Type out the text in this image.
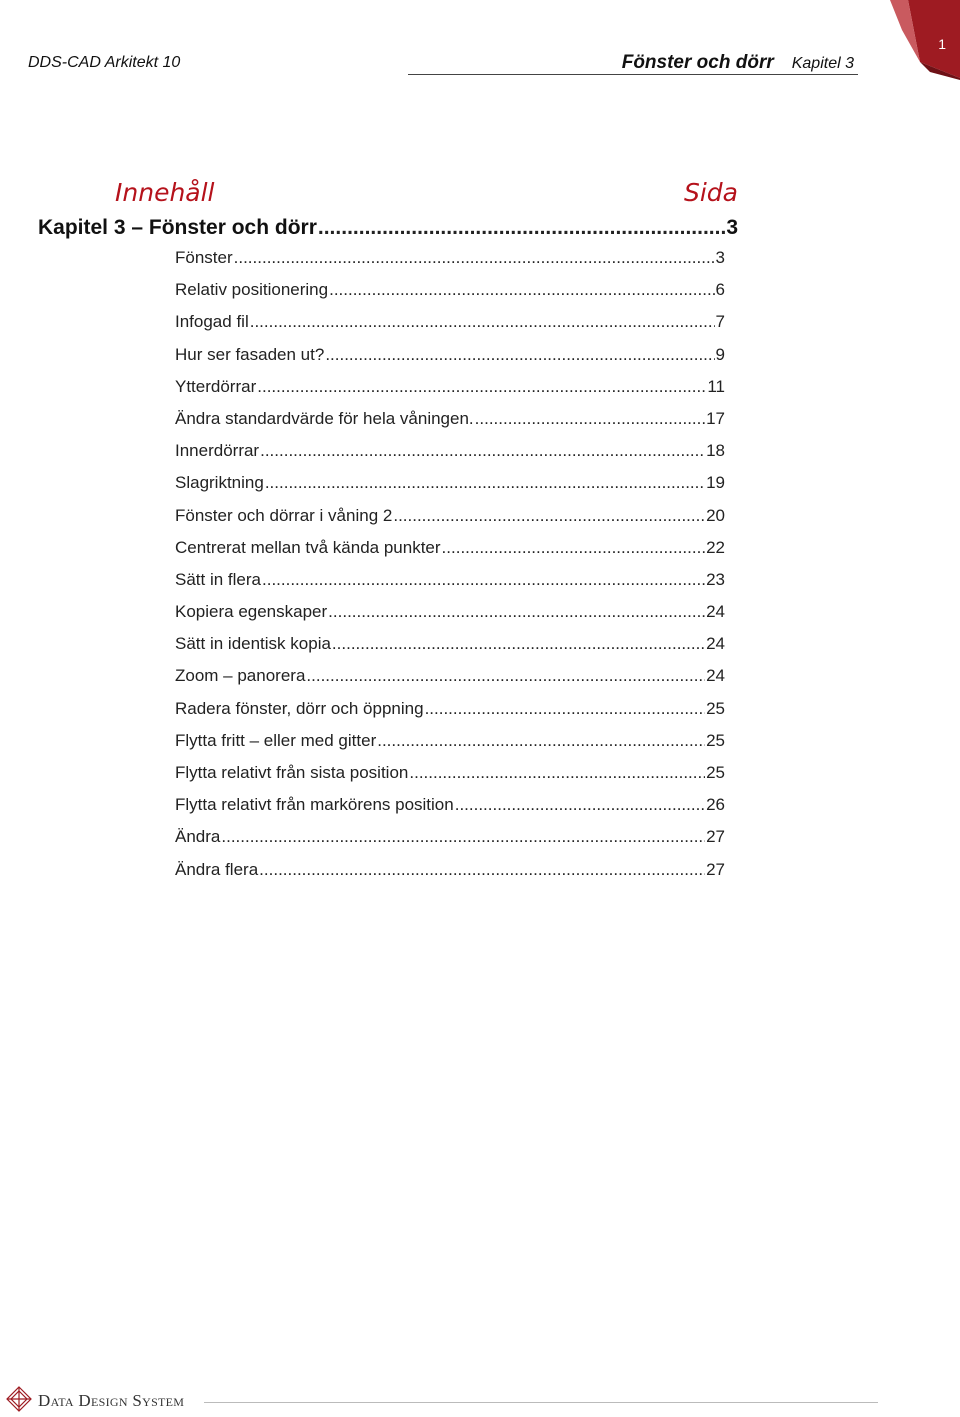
1
DDS-CAD Arkitekt 10	Fönster och dörr Kapitel 3
Innehåll	Sida
Kapitel 3 – Fönster och dörr .....	3
Fönster .....	3
Relativ positionering .....	6
Infogad fil .....	7
Hur ser fasaden ut? .....	9
Ytterdörrar .....	11
Ändra standardvärde för hela våningen. .....	17
Innerdörrar .....	18
Slagriktning .....	19
Fönster och dörrar i våning 2 .....	20
Centrerat mellan två kända punkter .....	22
Sätt in flera .....	23
Kopiera egenskaper .....	24
Sätt in identisk kopia .....	24
Zoom – panorera .....	24
Radera fönster, dörr och öppning .....	25
Flytta fritt – eller med gitter .....	25
Flytta relativt från sista position .....	25
Flytta relativt från markörens position .....	26
Ändra .....	27
Ändra flera .....	27
Data Design System
